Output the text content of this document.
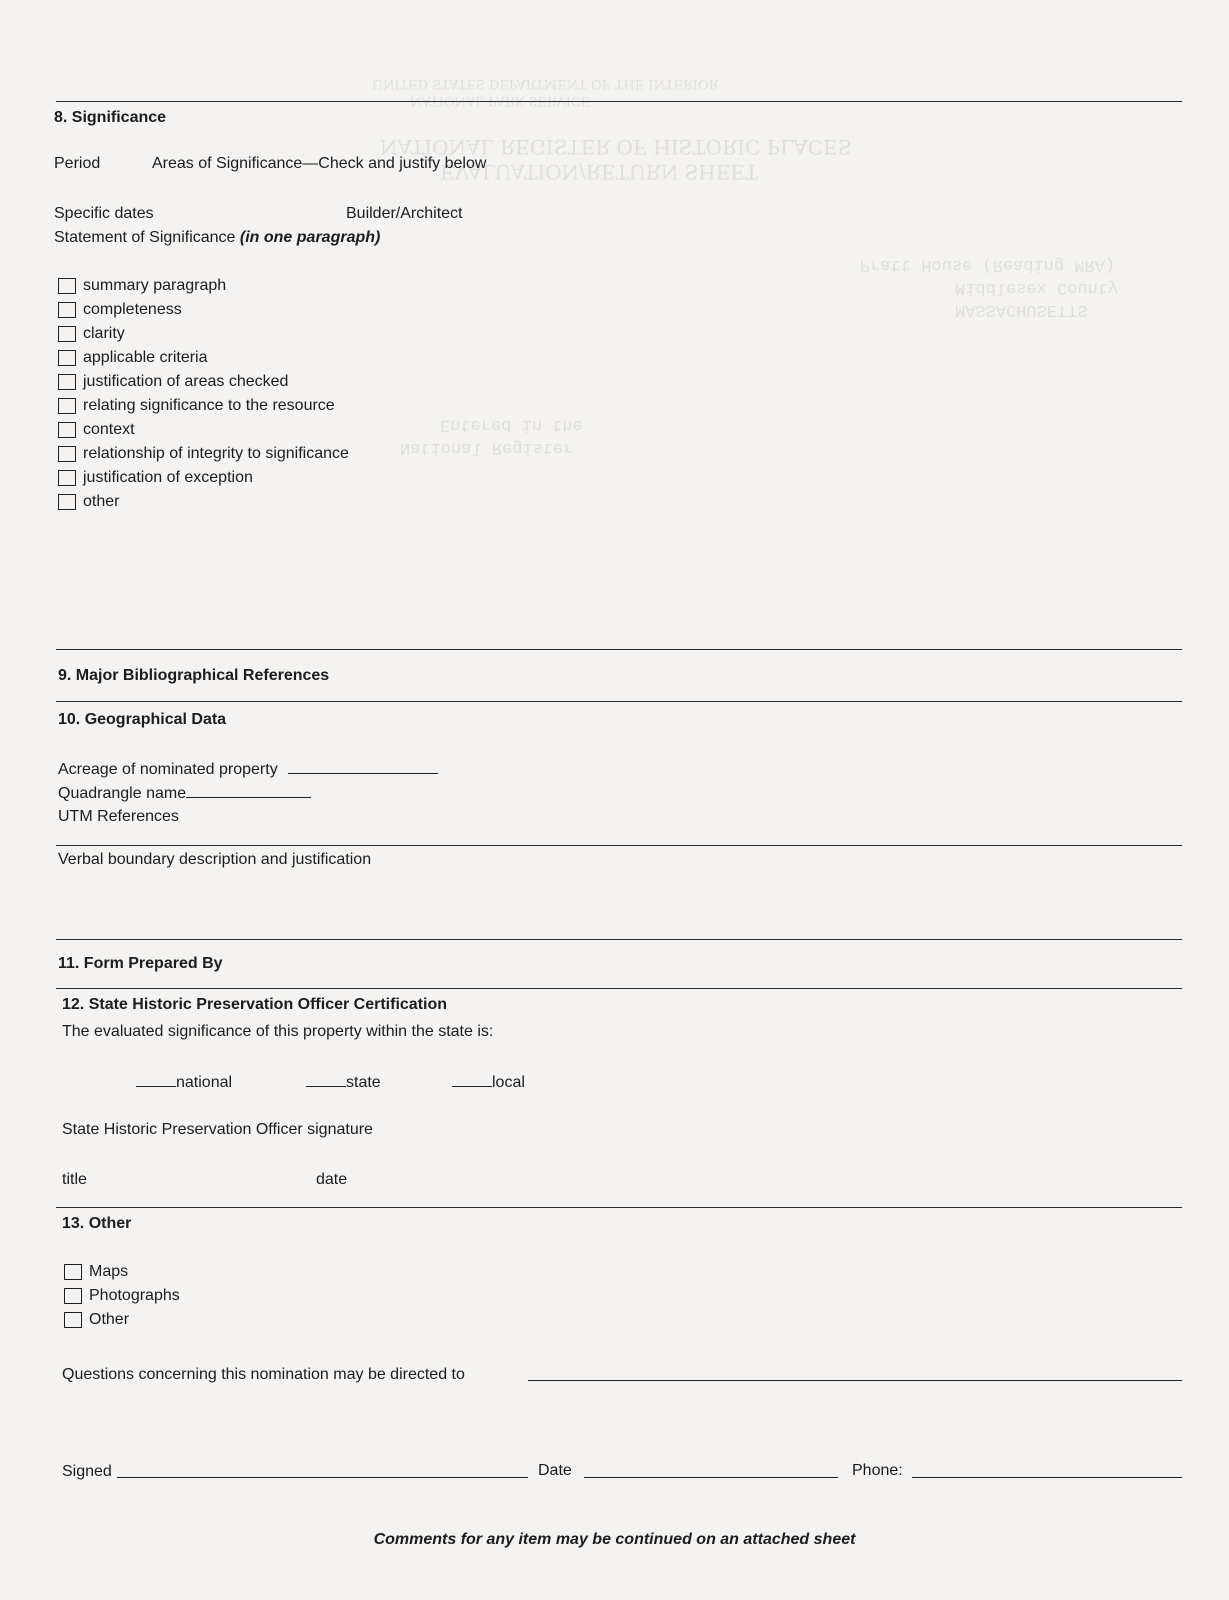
UNITED STATES DEPARTMENT OF THE INTERIOR
NATIONAL PARK SERVICE
NATIONAL REGISTER OF HISTORIC PLACES
EVALUATION/RETURN SHEET
Pratt House (Reading MRA)
Middlesex County
MASSACHUSETTS
Entered in the
National Register
8. Significance
Period	Areas of Significance—Check and justify below
Specific dates	Builder/Architect
Statement of Significance (in one paragraph)
summary paragraph
completeness
clarity
applicable criteria
justification of areas checked
relating significance to the resource
context
relationship of integrity to significance
justification of exception
other
9. Major Bibliographical References
10. Geographical Data
Acreage of nominated property
Quadrangle name
UTM References
Verbal boundary description and justification
11. Form Prepared By
12. State Historic Preservation Officer Certification
The evaluated significance of this property within the state is:
national	state	local
State Historic Preservation Officer signature
title	date
13. Other
Maps
Photographs
Other
Questions concerning this nomination may be directed to
Signed	Date	Phone:
Comments for any item may be continued on an attached sheet
